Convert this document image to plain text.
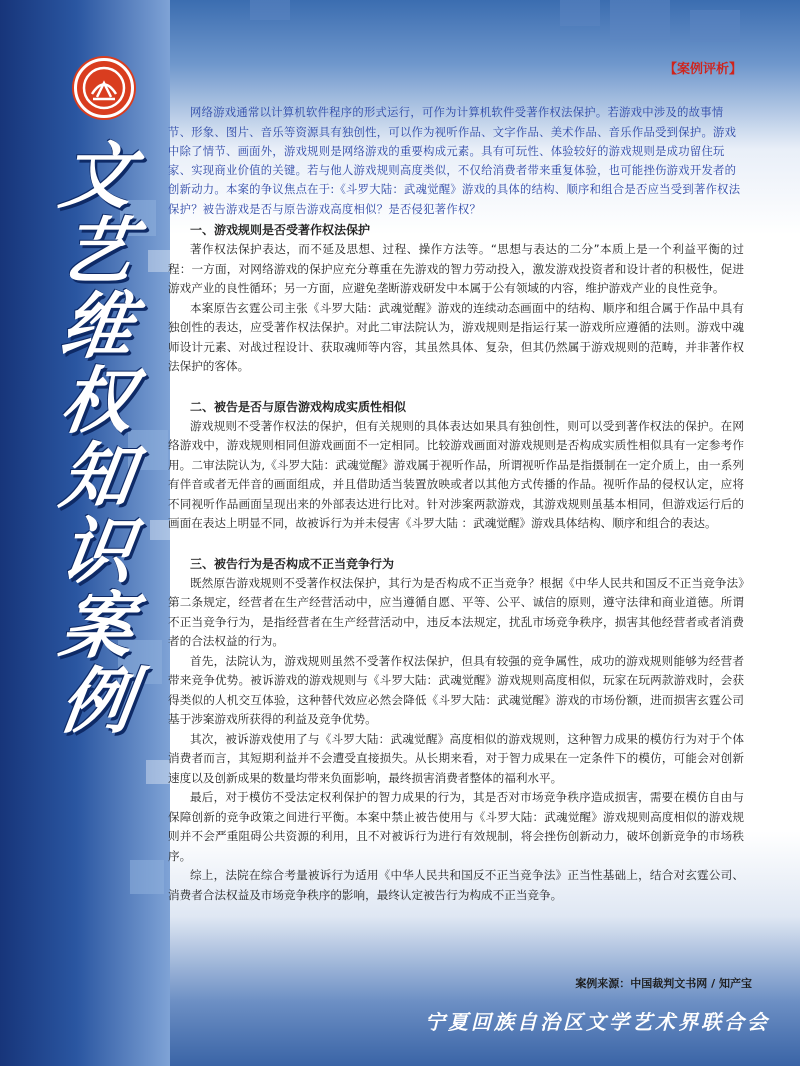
文
艺
维
权
知
识
案
例
【案例评析】

网络游戏通常以计算机软件程序的形式运行，可作为计算机软件受著作权法保护。若游戏中涉及的故事情节、形象、图片、音乐等资源具有独创性，可以作为视听作品、文字作品、美术作品、音乐作品受到保护。游戏中除了情节、画面外，游戏规则是网络游戏的重要构成元素。具有可玩性、体验较好的游戏规则是成功留住玩家、实现商业价值的关键。若与他人游戏规则高度类似，不仅给消费者带来重复体验，也可能挫伤游戏开发者的创新动力。本案的争议焦点在于:《斗罗大陆：武魂觉醒》游戏的具体的结构、顺序和组合是否应当受到著作权法保护？被告游戏是否与原告游戏高度相似？是否侵犯著作权？

一、游戏规则是否受著作权法保护

著作权法保护表达，而不延及思想、过程、操作方法等。“思想与表达的二分”本质上是一个利益平衡的过程：一方面，对网络游戏的保护应充分尊重在先游戏的智力劳动投入，激发游戏投资者和设计者的积极性，促进游戏产业的良性循环；另一方面，应避免垄断游戏研发中本属于公有领域的内容，维护游戏产业的良性竞争。

本案原告玄霆公司主张《斗罗大陆：武魂觉醒》游戏的连续动态画面中的结构、顺序和组合属于作品中具有独创性的表达，应受著作权法保护。对此二审法院认为，游戏规则是指运行某一游戏所应遵循的法则。游戏中魂师设计元素、对战过程设计、获取魂师等内容，其虽然具体、复杂，但其仍然属于游戏规则的范畴，并非著作权法保护的客体。

二、被告是否与原告游戏构成实质性相似

游戏规则不受著作权法的保护，但有关规则的具体表达如果具有独创性，则可以受到著作权法的保护。在网络游戏中，游戏规则相同但游戏画面不一定相同。比较游戏画面对游戏规则是否构成实质性相似具有一定参考作用。二审法院认为,《斗罗大陆：武魂觉醒》游戏属于视听作品，所谓视听作品是指摄制在一定介质上，由一系列有伴音或者无伴音的画面组成，并且借助适当装置放映或者以其他方式传播的作品。视听作品的侵权认定，应将不同视听作品画面呈现出来的外部表达进行比对。针对涉案两款游戏，其游戏规则虽基本相同，但游戏运行后的画面在表达上明显不同，故被诉行为并未侵害《斗罗大陆 ：武魂觉醒》游戏具体结构、顺序和组合的表达。

三、被告行为是否构成不正当竞争行为

既然原告游戏规则不受著作权法保护，其行为是否构成不正当竞争？根据《中华人民共和国反不正当竞争法》第二条规定，经营者在生产经营活动中，应当遵循自愿、平等、公平、诚信的原则，遵守法律和商业道德。所谓不正当竞争行为，是指经营者在生产经营活动中，违反本法规定，扰乱市场竞争秩序，损害其他经营者或者消费者的合法权益的行为。

首先，法院认为，游戏规则虽然不受著作权法保护，但具有较强的竞争属性，成功的游戏规则能够为经营者带来竞争优势。被诉游戏的游戏规则与《斗罗大陆：武魂觉醒》游戏规则高度相似，玩家在玩两款游戏时，会获得类似的人机交互体验，这种替代效应必然会降低《斗罗大陆：武魂觉醒》游戏的市场份额，进而损害玄霆公司基于涉案游戏所获得的利益及竞争优势。

其次，被诉游戏使用了与《斗罗大陆：武魂觉醒》高度相似的游戏规则，这种智力成果的模仿行为对于个体消费者而言，其短期利益并不会遭受直接损失。从长期来看，对于智力成果在一定条件下的模仿，可能会对创新速度以及创新成果的数量均带来负面影响，最终损害消费者整体的福利水平。

最后，对于模仿不受法定权利保护的智力成果的行为，其是否对市场竞争秩序造成损害，需要在模仿自由与保障创新的竞争政策之间进行平衡。本案中禁止被告使用与《斗罗大陆：武魂觉醒》游戏规则高度相似的游戏规则并不会严重阻碍公共资源的利用，且不对被诉行为进行有效规制，将会挫伤创新动力，破坏创新竞争的市场秩序。

综上，法院在综合考量被诉行为适用《中华人民共和国反不正当竞争法》正当性基础上，结合对玄霆公司、消费者合法权益及市场竞争秩序的影响，最终认定被告行为构成不正当竞争。

案例来源：中国裁判文书网 / 知产宝
宁夏回族自治区文学艺术界联合会
